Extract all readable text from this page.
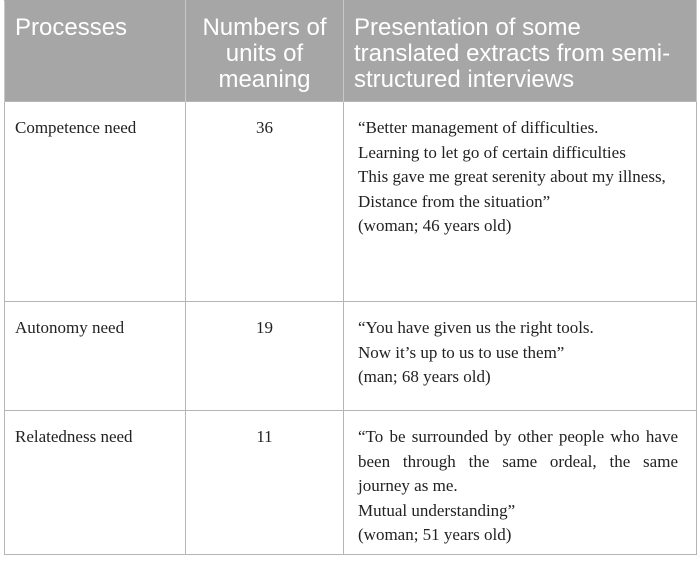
Processes	Numbers of units of meaning	Presentation of some translated extracts from semi-structured interviews
Competence need	36	“Better management of difficulties.
Learning to let go of certain difficulties
This gave me great serenity about my illness,
Distance from the situation”
(woman; 46 years old)

Autonomy need	19	“You have given us the right tools.
Now it’s up to us to use them”
(man; 68 years old)

Relatedness need	11	“To be surrounded by other people who have been through the same ordeal, the same journey as me.
Mutual understanding”
(woman; 51 years old)
